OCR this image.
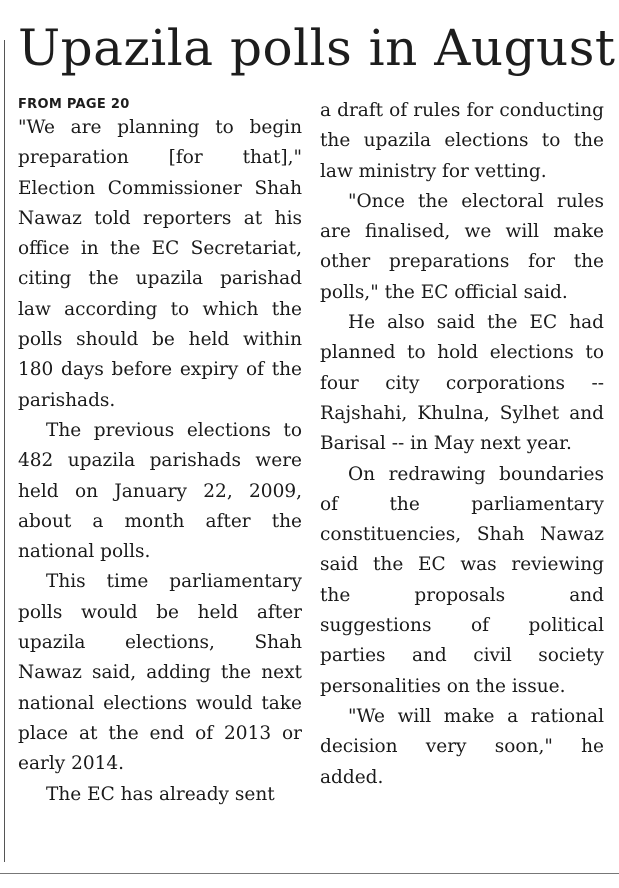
Upazila polls in August
FROM PAGE 20

"We are planning to begin preparation [for that]," Election Commissioner Shah Nawaz told reporters at his office in the EC Secretariat, citing the upazila parishad law according to which the polls should be held within 180 days before expiry of the parishads.

The previous elections to 482 upazila parishads were held on January 22, 2009, about a month after the national polls.

This time parliamentary polls would be held after upazila elections, Shah Nawaz said, adding the next national elections would take place at the end of 2013 or early 2014.

The EC has already sent

a draft of rules for conducting the upazila elections to the law ministry for vetting.

"Once the electoral rules are finalised, we will make other preparations for the polls," the EC official said.

He also said the EC had planned to hold elections to four city corporations -- Rajshahi, Khulna, Sylhet and Barisal -- in May next year.

On redrawing boundaries of the parliamentary constituencies, Shah Nawaz said the EC was reviewing the proposals and suggestions of political parties and civil society personalities on the issue.

"We will make a rational decision very soon," he added.
